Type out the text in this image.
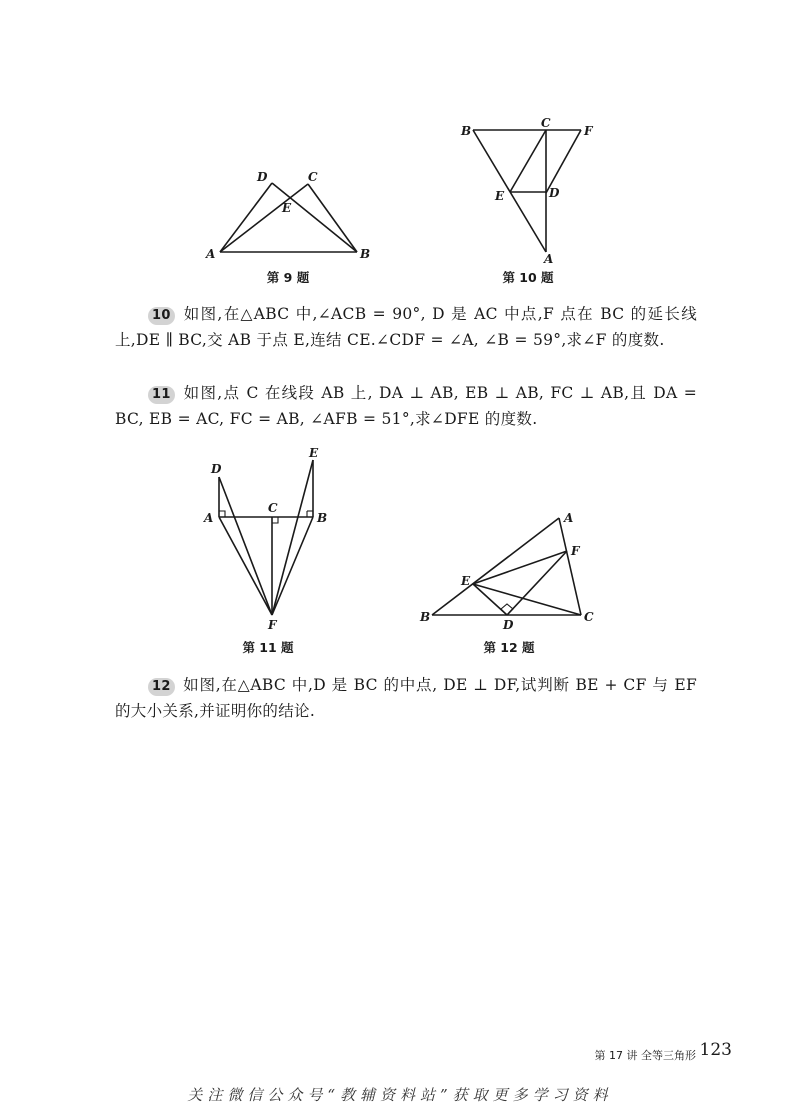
A	B
C
D
E
第 9 题
B
C
F
E	D
A
第 10 题
10 如图,在△ABC 中,∠ACB = 90°, D 是 AC 中点,F 点在 BC 的延长线上,DE ∥ BC,交 AB 于点 E,连结 CE.∠CDF = ∠A, ∠B = 59°,求∠F 的度数.
11 如图,点 C 在线段 AB 上, DA ⊥ AB, EB ⊥ AB, FC ⊥ AB,且 DA = BC, EB = AC, FC = AB, ∠AFB = 51°,求∠DFE 的度数.
D
E
A
C
B
F
第 11 题
B	C
D
E
F
A
第 12 题
12 如图,在△ABC 中,D 是 BC 的中点, DE ⊥ DF,试判断 BE + CF 与 EF 的大小关系,并证明你的结论.
第 17 讲 全等三角形 123
关注微信公众号“教辅资料站”获取更多学习资料
